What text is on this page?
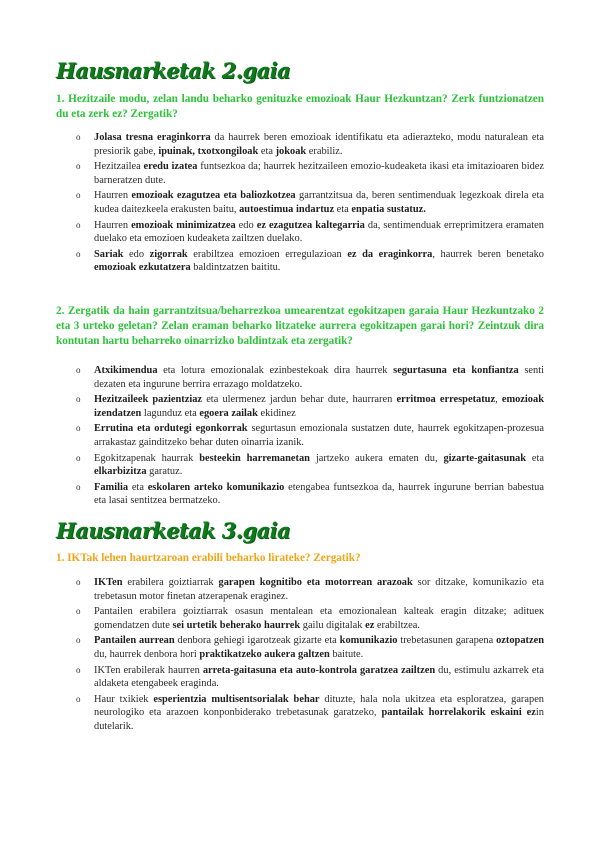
Hausnarketak 2.gaia

1. Hezitzaile modu, zelan landu beharko genituzke emozioak Haur Hezkuntzan? Zerk funtzionatzen du eta zerk ez? Zergatik?

o Jolasa tresna eraginkorra da haurrek beren emozioak identifikatu eta adierazteko, modu naturalean eta presiorik gabe, ipuinak, txotxongiloak eta jokoak erabiliz.
o Hezitzailea eredu izatea funtsezkoa da; haurrek hezitzaileen emozio-kudeaketa ikasi eta imitazioaren bidez barneratzen dute.
o Haurren emozioak ezagutzea eta baliozkotzea garrantzitsua da, beren sentimenduak legezkoak direla eta kudea daitezkeela erakusten baitu, autoestimua indartuz eta enpatia sustatuz.
o Haurren emozioak minimizatzea edo ez ezagutzea kaltegarria da, sentimenduak erreprimitzera eramaten duelako eta emozioen kudeaketa zailtzen duelako.
o Sariak edo zigorrak erabiltzea emozioen erregulazioan ez da eraginkorra, haurrek beren benetako emozioak ezkutatzera baldintzatzen baititu.

2. Zergatik da hain garrantzitsua/beharrezkoa umearentzat egokitzapen garaia Haur Hezkuntzako 2 eta 3 urteko geletan? Zelan eraman beharko litzateke aurrera egokitzapen garai hori? Zeintzuk dira kontutan hartu beharreko oinarrizko baldintzak eta zergatik?

o Atxikimendua eta lotura emozionalak ezinbestekoak dira haurrek segurtasuna eta konfiantza senti dezaten eta ingurune berrira errazago moldatzeko.
o Hezitzaileek pazientziaz eta ulermenez jardun behar dute, haurraren erritmoa errespetatuz, emozioak izendatzen lagunduz eta egoera zailak ekidinez
o Errutina eta ordutegi egonkorrak segurtasun emozionala sustatzen dute, haurrek egokitzapen-prozesua arrakastaz gainditzeko behar duten oinarria izanik.
o Egokitzapenak haurrak besteekin harremanetan jartzeko aukera ematen du, gizarte-gaitasunak eta elkarbizitza garatuz.
o Familia eta eskolaren arteko komunikazio etengabea funtsezkoa da, haurrek ingurune berrian babestua eta lasai sentitzea bermatzeko.
Hausnarketak 3.gaia

1. IKTak lehen haurtzaroan erabili beharko lirateke? Zergatik?

o IKTen erabilera goiztiarrak garapen kognitibo eta motorrean arazoak sor ditzake, komunikazio eta trebetasun motor finetan atzerapenak eraginez.
o Pantailen erabilera goiztiarrak osasun mentalean eta emozionalean kalteak eragin ditzake; aditueк gomendatzen dute sei urtetik beherako haurrek gailu digitalak ez erabiltzea.
o Pantailen aurrean denbora gehiegi igarotzeak gizarte eta komunikazio trebetasunen garapena oztopatzen du, haurrek denbora hori praktikatzeko aukera galtzen baitute.
o IKTen erabilerak haurren arreta-gaitasuna eta auto-kontrola garatzea zailtzen du, estimulu azkarrek eta aldaketa etengabeek eraginda.
o Haur txikiek esperientzia multisentsorialak behar dituzte, hala nola ukitzea eta esploratzea, garapen neurologiko eta arazoen konponbiderako trebetasunak garatzeko, pantailak horrelakorik eskaini ezin dutelarik.
